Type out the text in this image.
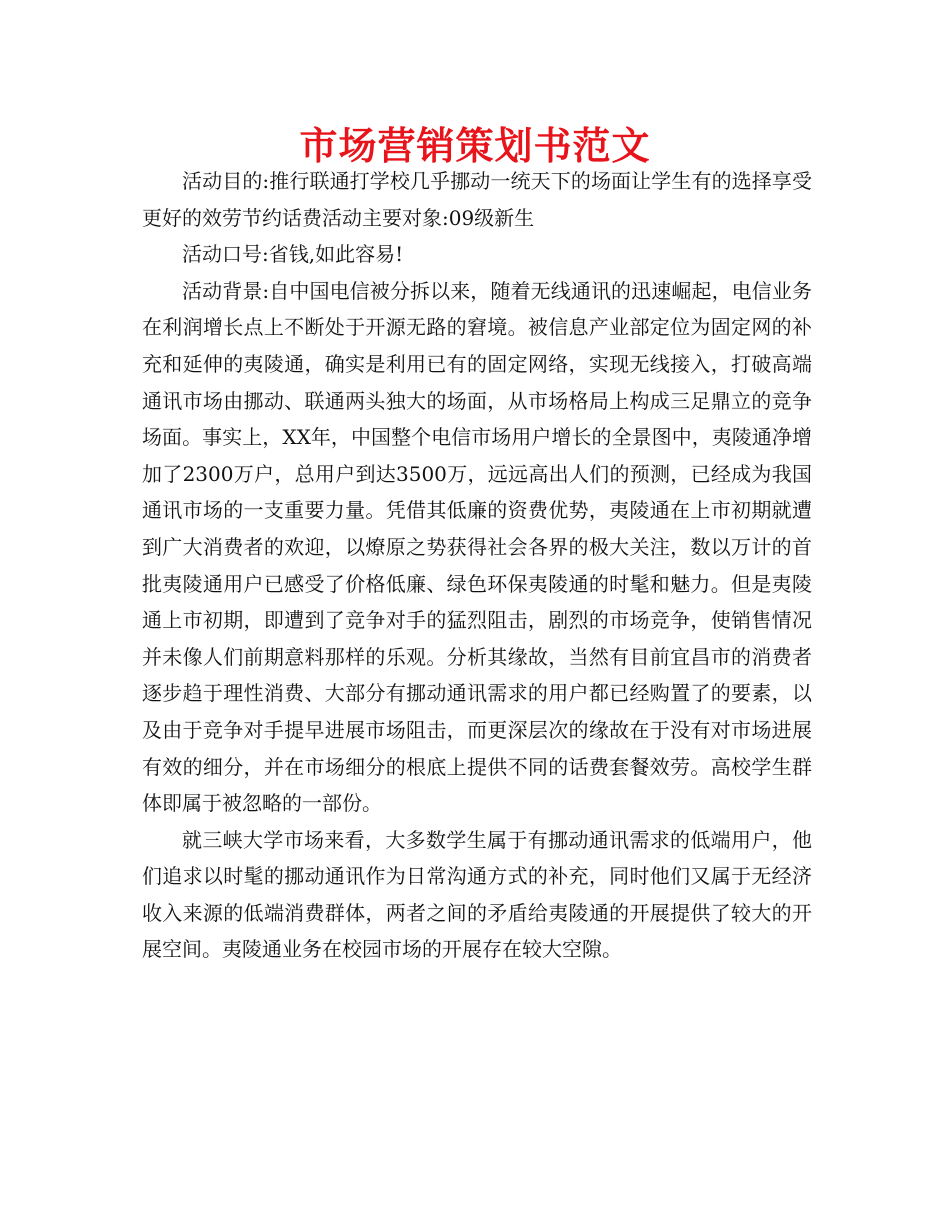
市场营销策划书范文

活动目的:推行联通打学校几乎挪动一统天下的场面让学生有的选择享受更好的效劳节约话费活动主要对象:09级新生

活动口号:省钱,如此容易!

活动背景:自中国电信被分拆以来，随着无线通讯的迅速崛起，电信业务在利润增长点上不断处于开源无路的窘境。被信息产业部定位为固定网的补充和延伸的夷陵通，确实是利用已有的固定网络，实现无线接入，打破高端通讯市场由挪动、联通两头独大的场面，从市场格局上构成三足鼎立的竞争场面。事实上，XX年，中国整个电信市场用户增长的全景图中，夷陵通净增加了2300万户，总用户到达3500万，远远高出人们的预测，已经成为我国通讯市场的一支重要力量。凭借其低廉的资费优势，夷陵通在上市初期就遭到广大消费者的欢迎，以燎原之势获得社会各界的极大关注，数以万计的首批夷陵通用户已感受了价格低廉、绿色环保夷陵通的时髦和魅力。但是夷陵通上市初期，即遭到了竞争对手的猛烈阻击，剧烈的市场竞争，使销售情况并未像人们前期意料那样的乐观。分析其缘故，当然有目前宜昌市的消费者逐步趋于理性消费、大部分有挪动通讯需求的用户都已经购置了的要素，以及由于竞争对手提早进展市场阻击，而更深层次的缘故在于没有对市场进展有效的细分，并在市场细分的根底上提供不同的话费套餐效劳。高校学生群体即属于被忽略的一部份。

就三峡大学市场来看，大多数学生属于有挪动通讯需求的低端用户，他们追求以时髦的挪动通讯作为日常沟通方式的补充，同时他们又属于无经济收入来源的低端消费群体，两者之间的矛盾给夷陵通的开展提供了较大的开展空间。夷陵通业务在校园市场的开展存在较大空隙。
